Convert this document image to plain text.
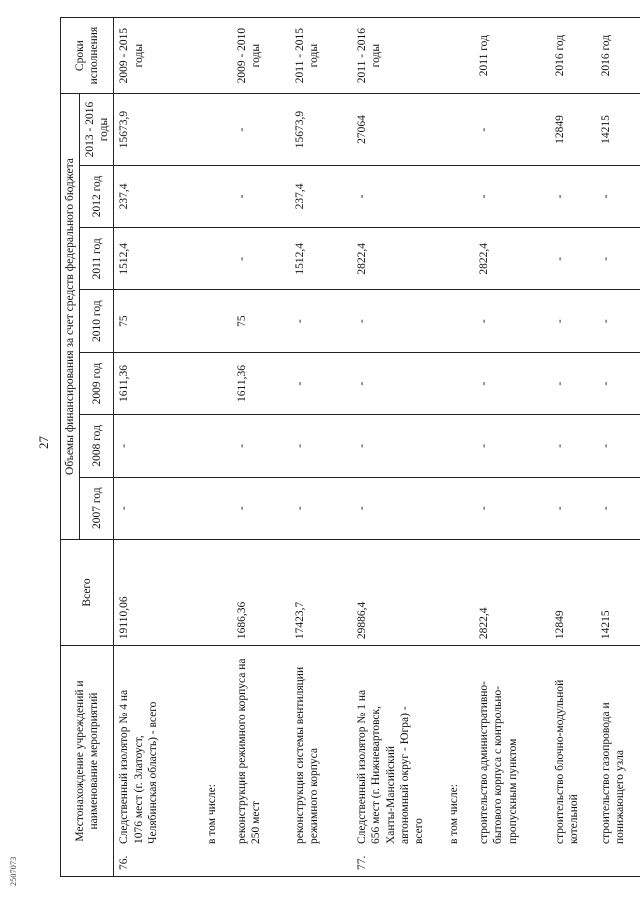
27
2507073
Местонахождение учреждений и наименование мероприятий	Всего	Объемы финансирования за счет средств федерального бюджета							Сроки исполнения
		2007 год	2008 год	2009 год	2010 год	2011 год	2012 год	2013 - 2016 годы	
76.Следственный изолятор № 4 на 1076 мест (г. Златоуст, Челябинская область) - всего	19110,06	-	-	1611,36	75	1512,4	237,4	15673,9	2009 - 2015 годы

в том числе:									

реконструкция режимного корпуса на 250 мест	1686,36	-	-	1611,36	75	-	-	-	2009 - 2010 годы

реконструкция системы вентиляции режимного корпуса	17423,7	-	-	-	-	1512,4	237,4	15673,9	2011 - 2015 годы
77.Следственный изолятор № 1 на 656 мест (г. Нижневартовск, Ханты-Мансийский автономный округ - Югра) - всего	29886,4	-	-	-	-	2822,4	-	27064	2011 - 2016 годы

в том числе:									

строительство административно-бытового корпуса с контрольно-пропускным пунктом	2822,4	-	-	-	-	2822,4	-	-	2011 год

строительство блочно-модульной котельной	12849	-	-	-	-	-	-	12849	2016 год

строительство газопровода и понижающего узла	14215	-	-	-	-	-	-	14215	2016 год
